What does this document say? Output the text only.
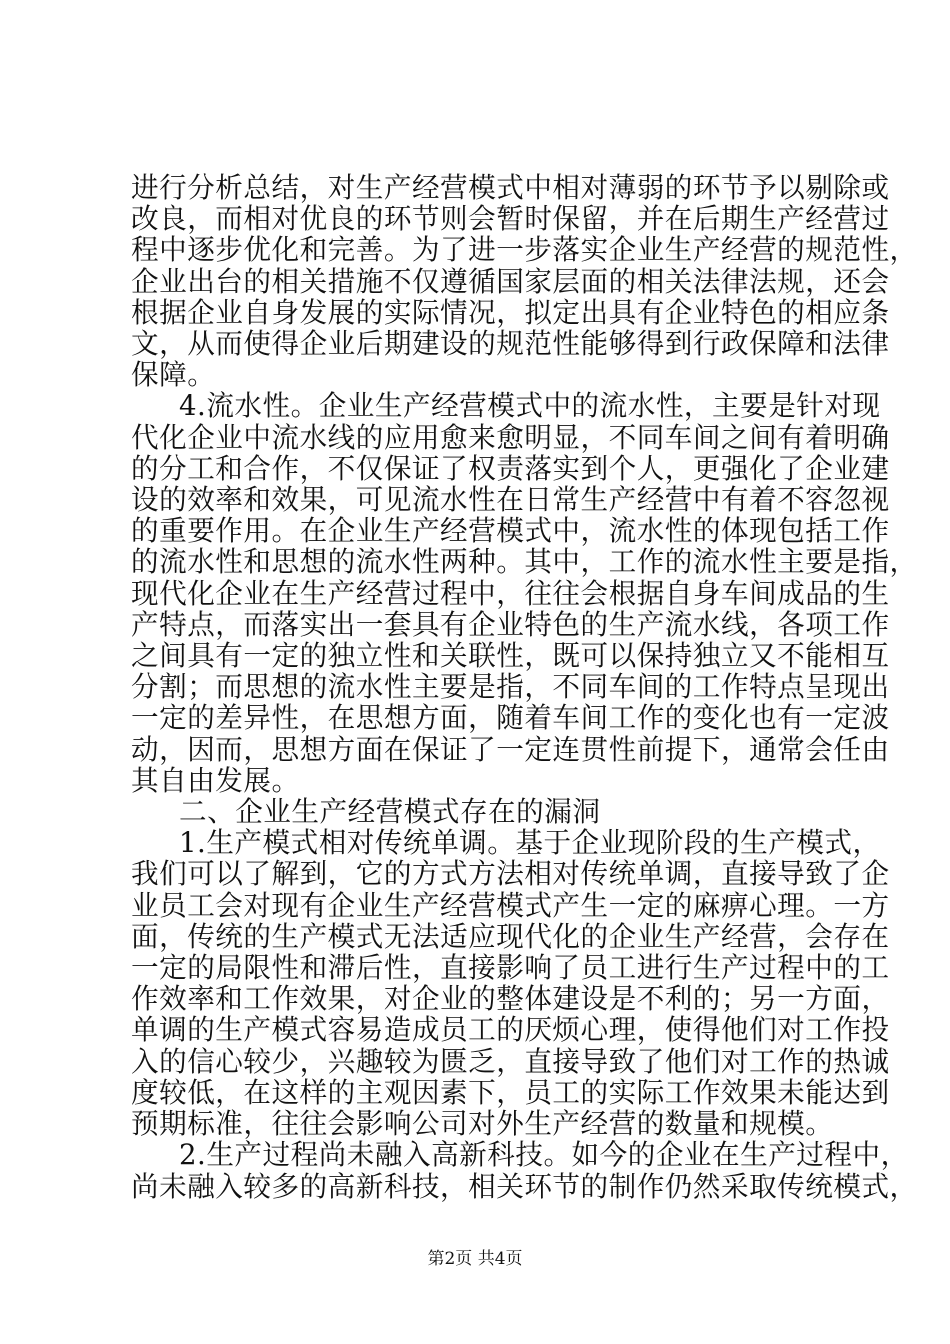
进行分析总结，对生产经营模式中相对薄弱的环节予以剔除或
改良，而相对优良的环节则会暂时保留，并在后期生产经营过
程中逐步优化和完善。为了进一步落实企业生产经营的规范性，
企业出台的相关措施不仅遵循国家层面的相关法律法规，还会
根据企业自身发展的实际情况，拟定出具有企业特色的相应条
文，从而使得企业后期建设的规范性能够得到行政保障和法律
保障。
4.流水性。企业生产经营模式中的流水性，主要是针对现
代化企业中流水线的应用愈来愈明显，不同车间之间有着明确
的分工和合作，不仅保证了权责落实到个人，更强化了企业建
设的效率和效果，可见流水性在日常生产经营中有着不容忽视
的重要作用。在企业生产经营模式中，流水性的体现包括工作
的流水性和思想的流水性两种。其中，工作的流水性主要是指，
现代化企业在生产经营过程中，往往会根据自身车间成品的生
产特点，而落实出一套具有企业特色的生产流水线，各项工作
之间具有一定的独立性和关联性，既可以保持独立又不能相互
分割；而思想的流水性主要是指，不同车间的工作特点呈现出
一定的差异性，在思想方面，随着车间工作的变化也有一定波
动，因而，思想方面在保证了一定连贯性前提下，通常会任由
其自由发展。
二、企业生产经营模式存在的漏洞
1.生产模式相对传统单调。基于企业现阶段的生产模式，
我们可以了解到，它的方式方法相对传统单调，直接导致了企
业员工会对现有企业生产经营模式产生一定的麻痹心理。一方
面，传统的生产模式无法适应现代化的企业生产经营，会存在
一定的局限性和滞后性，直接影响了员工进行生产过程中的工
作效率和工作效果，对企业的整体建设是不利的；另一方面，
单调的生产模式容易造成员工的厌烦心理，使得他们对工作投
入的信心较少，兴趣较为匮乏，直接导致了他们对工作的热诚
度较低，在这样的主观因素下，员工的实际工作效果未能达到
预期标准，往往会影响公司对外生产经营的数量和规模。
2.生产过程尚未融入高新科技。如今的企业在生产过程中，
尚未融入较多的高新科技，相关环节的制作仍然采取传统模式，
第2页 共4页
